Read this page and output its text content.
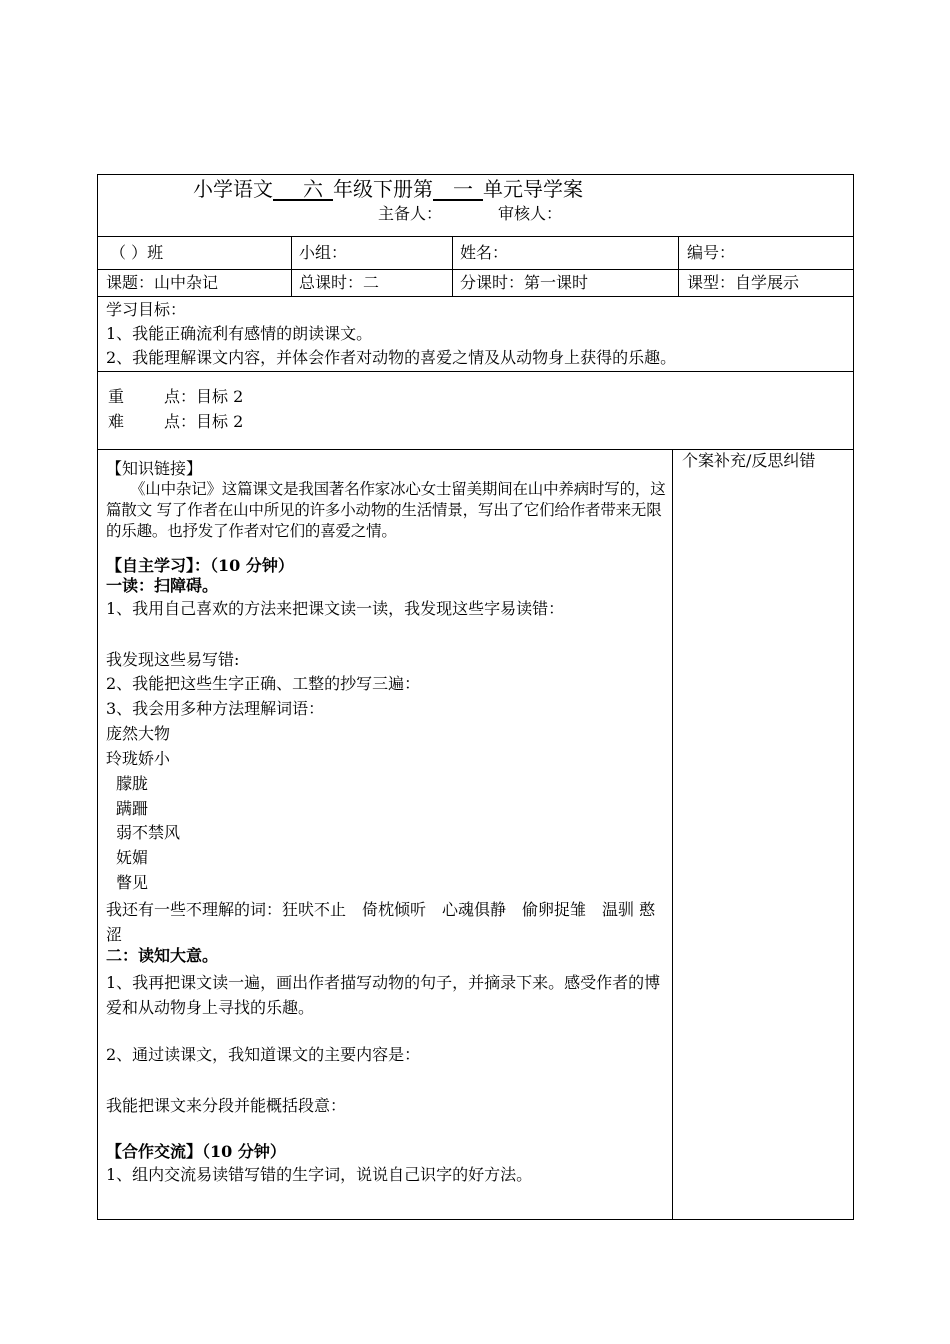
小学语文___六_年级下册第__一_单元导学案
主备人：	审核人：
（ ）班	小组：	姓名：	编号：
课题：山中杂记	总课时：二	分课时：第一课时	课型：自学展示
学习目标：
1、我能正确流利有感情的朗读课文。
2、我能理解课文内容，并体会作者对动物的喜爱之情及从动物身上获得的乐趣。
重 点：目标 2
难 点：目标 2
个案补充/反思纠错
【知识链接】
《山中杂记》这篇课文是我国著名作家冰心女士留美期间在山中养病时写的，这篇散文 写了作者在山中所见的许多小动物的生活情景，写出了它们给作者带来无限的乐趣。也抒发了作者对它们的喜爱之情。
【自主学习】：（10 分钟）
一读：扫障碍。
1、我用自己喜欢的方法来把课文读一读，我发现这些字易读错：
我发现这些易写错:
2、我能把这些生字正确、工整的抄写三遍：
3、我会用多种方法理解词语：
庞然大物
玲珑娇小
朦胧
蹒跚
弱不禁风
妩媚
瞥见
我还有一些不理解的词：狂吠不止　倚枕倾听　心魂俱静　偷卵捉雏　温驯 憨涩
二：读知大意。
1、我再把课文读一遍，画出作者描写动物的句子，并摘录下来。感受作者的博爱和从动物身上寻找的乐趣。
2、通过读课文，我知道课文的主要内容是：
我能把课文来分段并能概括段意：
【合作交流】（10 分钟）
1、组内交流易读错写错的生字词，说说自己识字的好方法。
